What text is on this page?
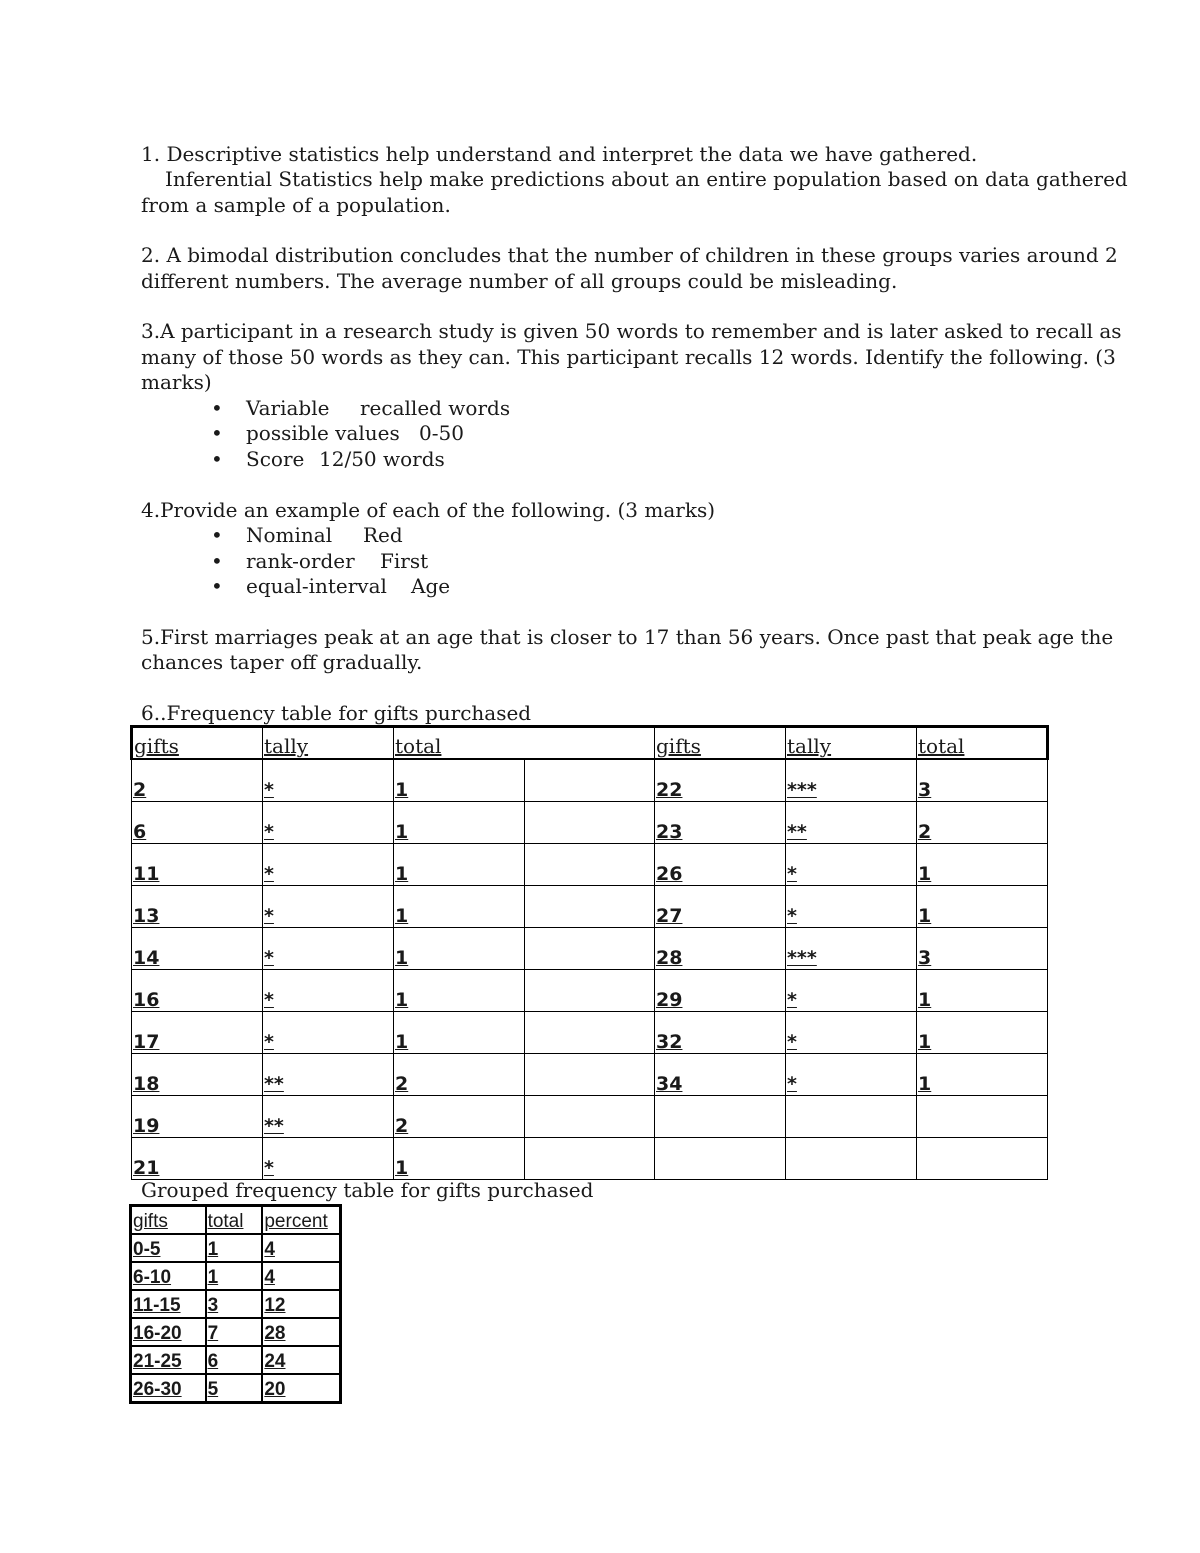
1. Descriptive statistics help understand and interpret the data we have gathered.
Inferential Statistics help make predictions about an entire population based on data gathered
from a sample of a population.
2. A bimodal distribution concludes that the number of children in these groups varies around 2
different numbers. The average number of all groups could be misleading.
3.A participant in a research study is given 50 words to remember and is later asked to recall as
many of those 50 words as they can. This participant recalls 12 words. Identify the following. (3
marks)
• Variable recalled words
• possible values 0-50
• Score 12/50 words
4.Provide an example of each of the following. (3 marks)
• Nominal Red
• rank-order First
• equal-interval Age
5.First marriages peak at an age that is closer to 17 than 56 years. Once past that peak age the
chances taper off gradually.
6..Frequency table for gifts purchased
gifts	tally	total		gifts	tally	total
2	*	1		22	***	3
6	*	1		23	**	2
11	*	1		26	*	1
13	*	1		27	*	1
14	*	1		28	***	3
16	*	1		29	*	1
17	*	1		32	*	1
18	**	2		34	*	1
19	**	2				
21	*	1				
Grouped frequency table for gifts purchased
gifts	total	percent
0-5	1	4
6-10	1	4
11-15	3	12
16-20	7	28
21-25	6	24
26-30	5	20
